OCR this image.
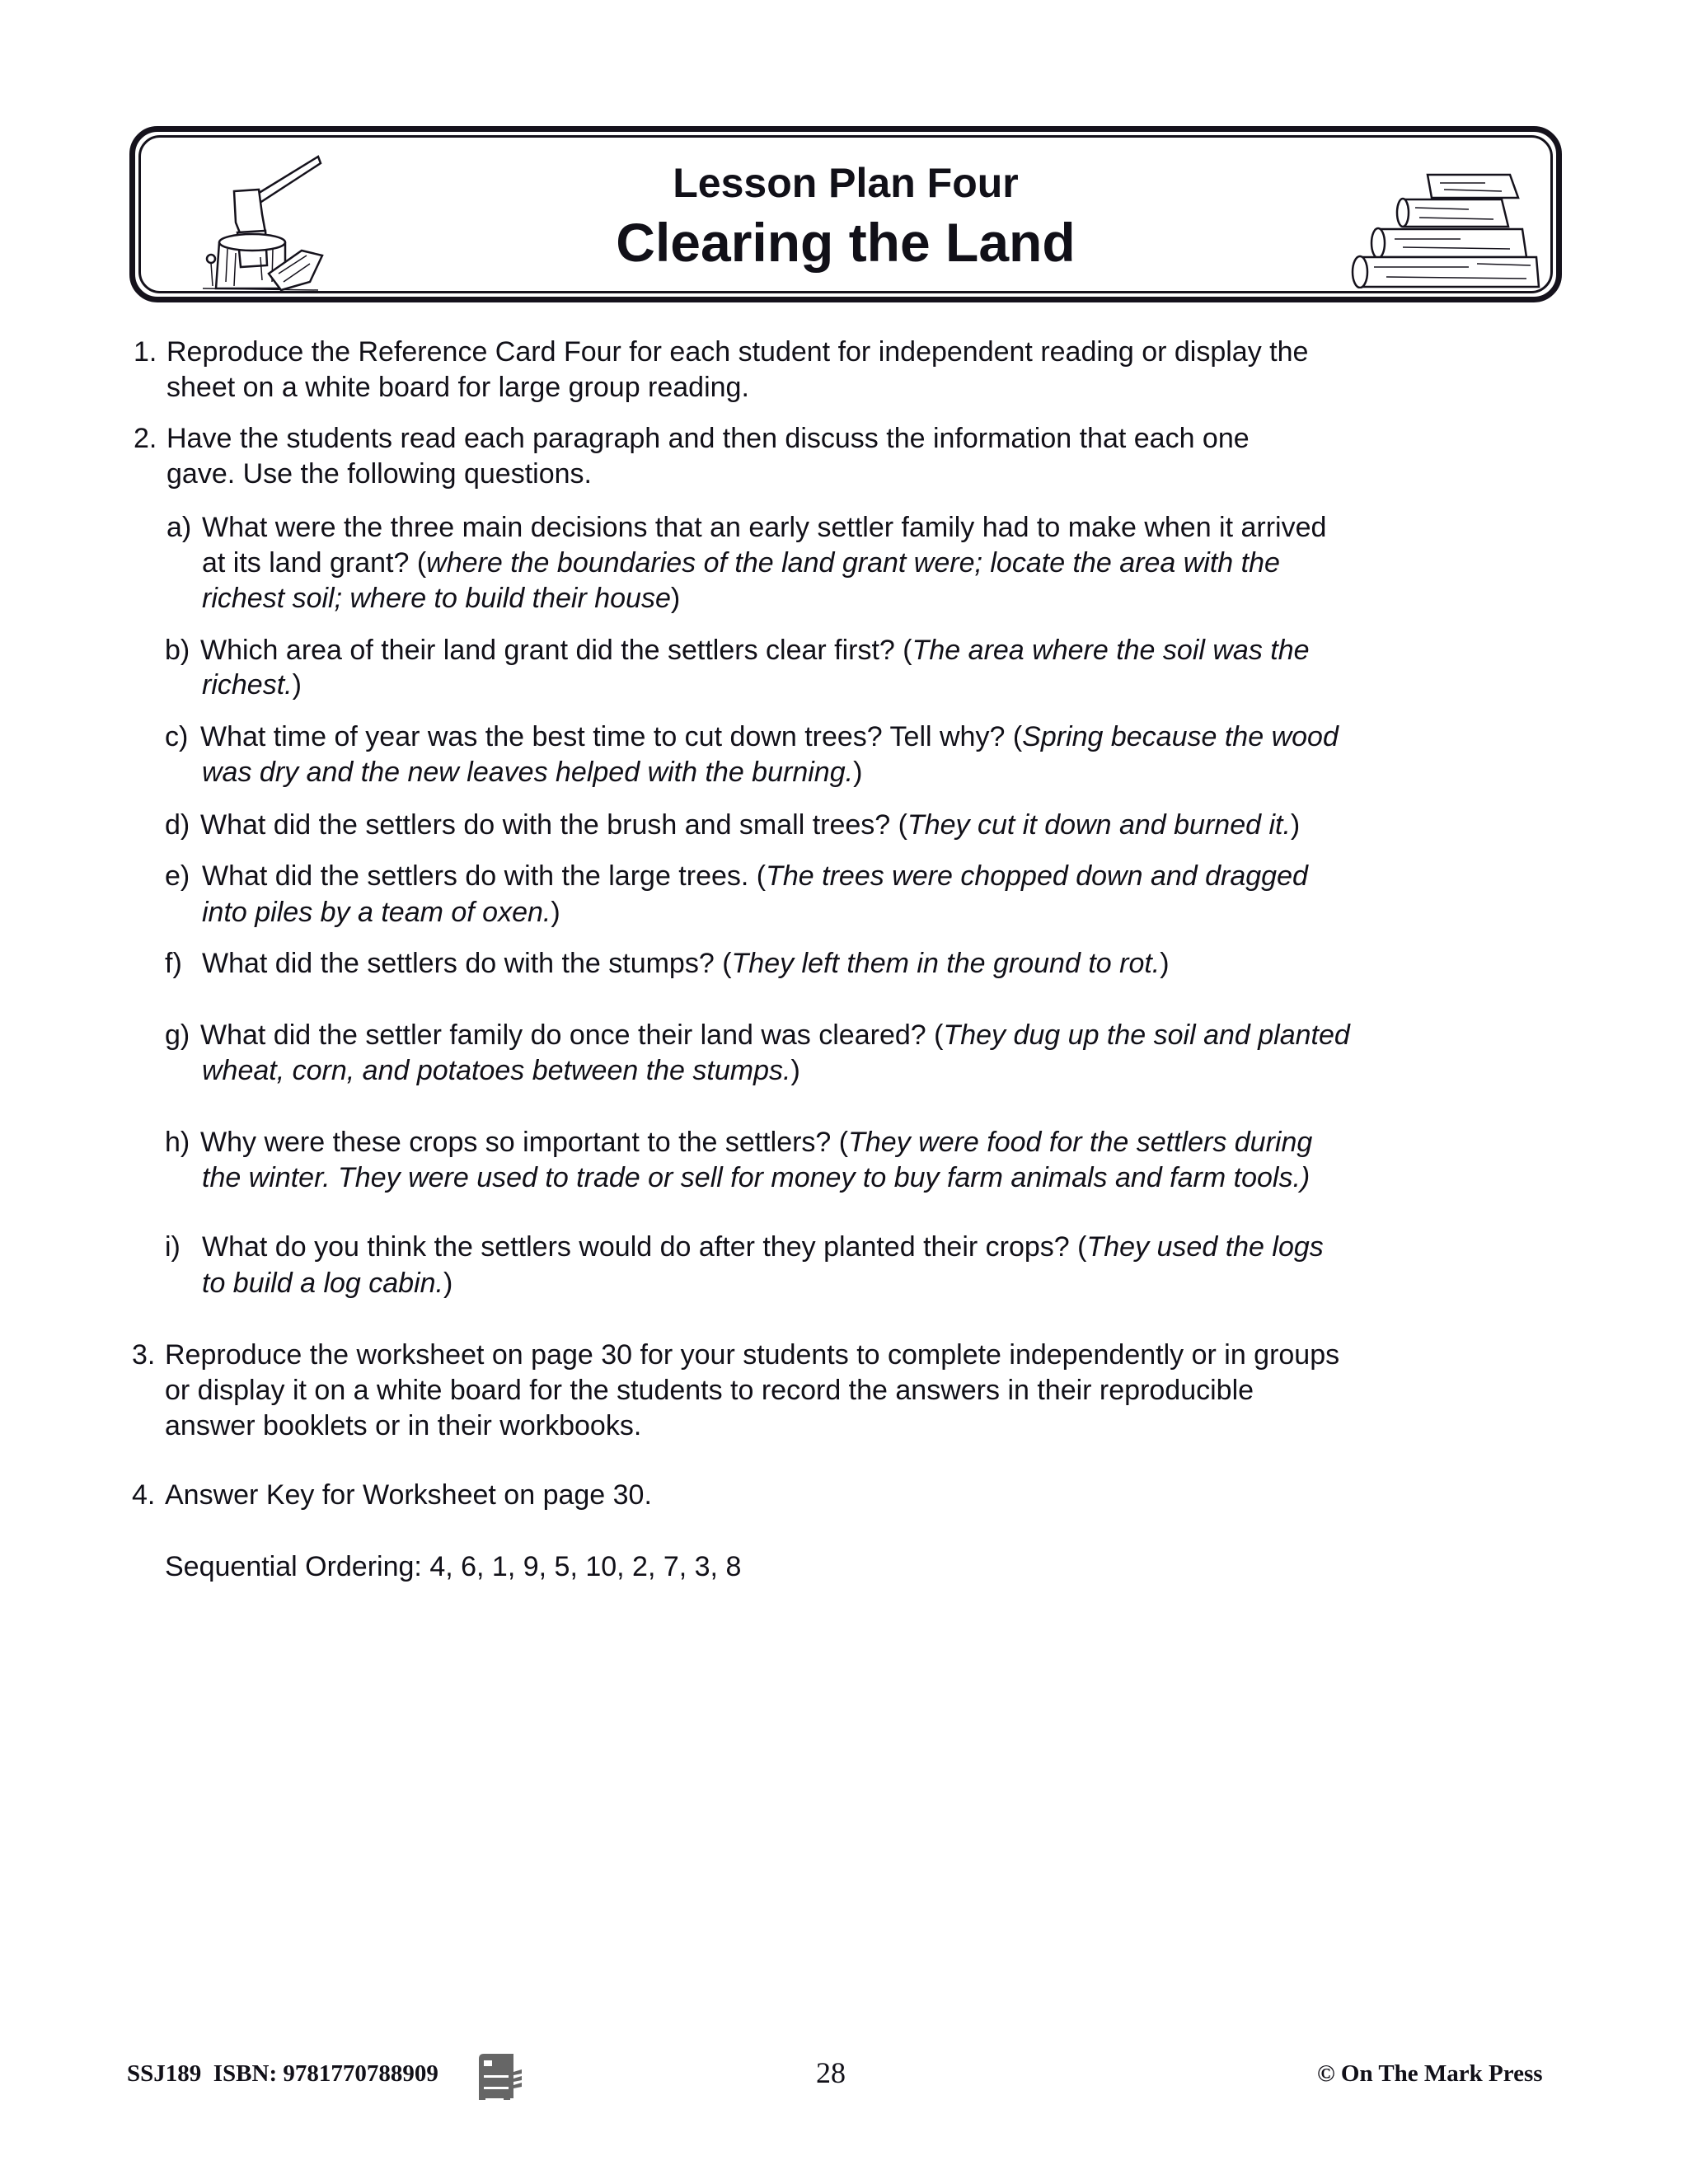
Lesson Plan Four
Clearing the Land
1. Reproduce the Reference Card Four for each student for independent reading or display the
sheet on a white board for large group reading.
2. Have the students read each paragraph and then discuss the information that each one
gave. Use the following questions.
a) What were the three main decisions that an early settler family had to make when it arrived
at its land grant? (where the boundaries of the land grant were; locate the area with the
richest soil; where to build their house)
b) Which area of their land grant did the settlers clear first? (The area where the soil was the
richest.)
c) What time of year was the best time to cut down trees? Tell why? (Spring because the wood
was dry and the new leaves helped with the burning.)
d) What did the settlers do with the brush and small trees? (They cut it down and burned it.)
e) What did the settlers do with the large trees. (The trees were chopped down and dragged
into piles by a team of oxen.)
f) What did the settlers do with the stumps? (They left them in the ground to rot.)
g) What did the settler family do once their land was cleared? (They dug up the soil and planted
wheat, corn, and potatoes between the stumps.)
h) Why were these crops so important to the settlers? (They were food for the settlers during
the winter. They were used to trade or sell for money to buy farm animals and farm tools.)
i) What do you think the settlers would do after they planted their crops? (They used the logs
to build a log cabin.)
3. Reproduce the worksheet on page 30 for your students to complete independently or in groups
or display it on a white board for the students to record the answers in their reproducible
answer booklets or in their workbooks.
4. Answer Key for Worksheet on page 30.
Sequential Ordering: 4, 6, 1, 9, 5, 10, 2, 7, 3, 8
SSJ189 ISBN: 9781770788909	28	© On The Mark Press
